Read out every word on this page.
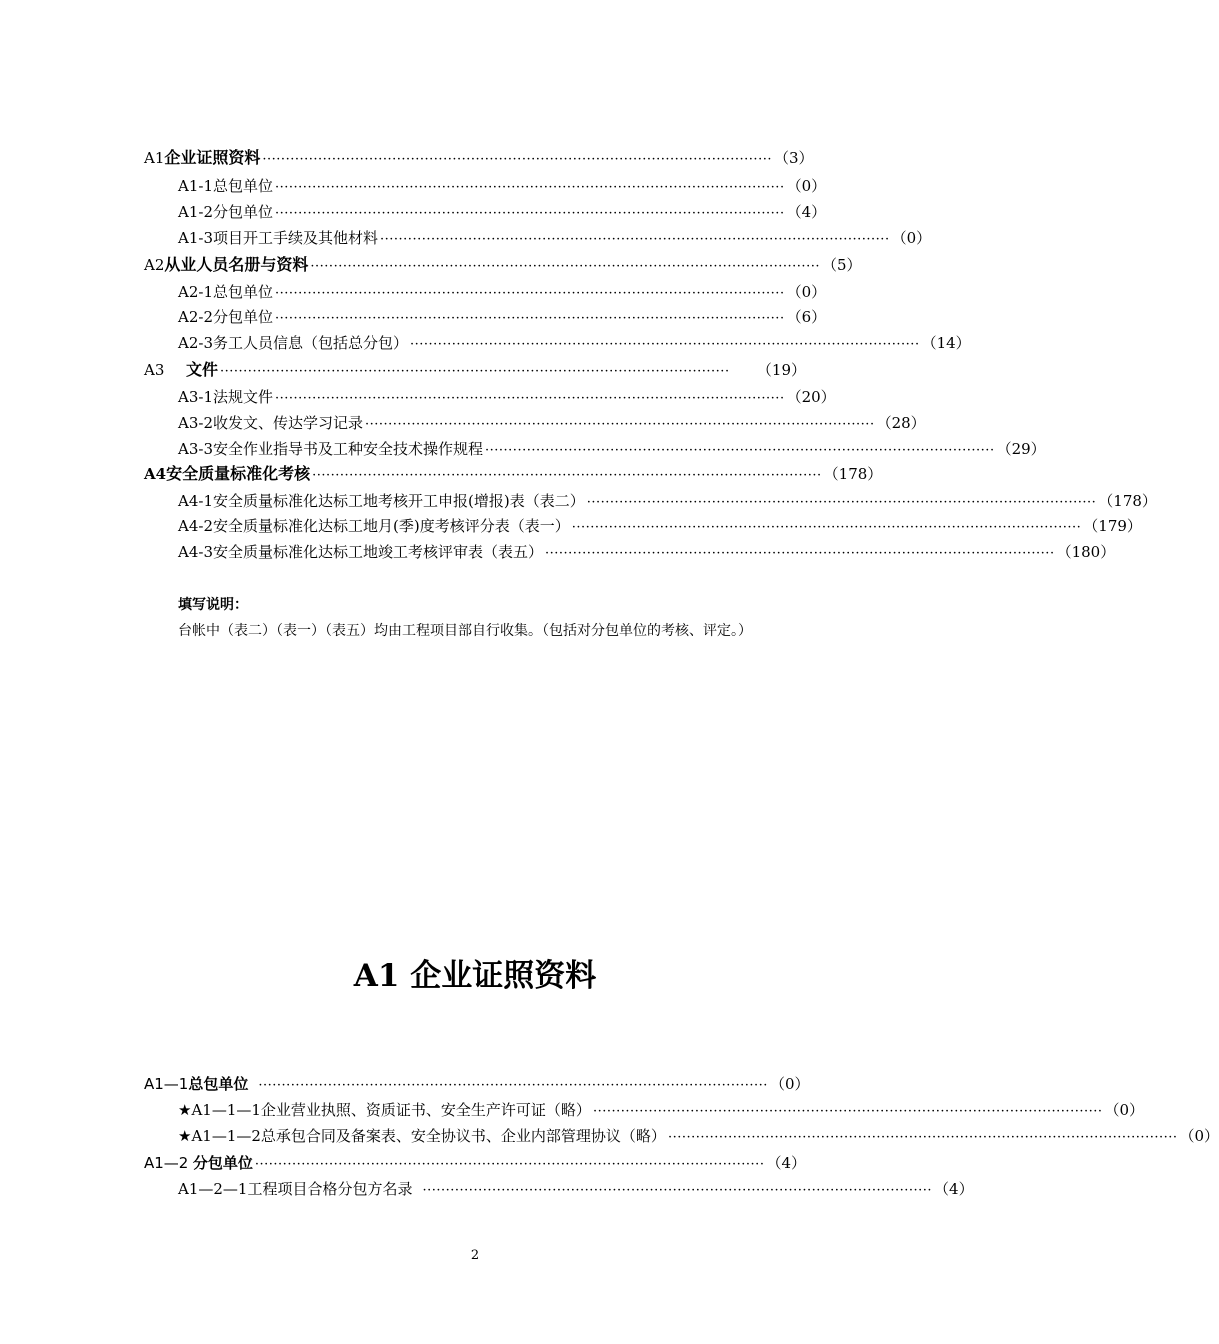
A1 企业证照资料 ·············································································································· （3）
A1-1 总包单位 ·············································································································· （0）
A1-2 分包单位 ·············································································································· （4）
A1-3 项目开工手续及其他材料 ·············································································································· （0）
A2 从业人员名册与资料 ·············································································································· （5）
A2-1 总包单位 ·············································································································· （0）
A2-2 分包单位 ·············································································································· （6）
A2-3 务工人员信息（包括总分包） ·············································································································· （14）
A3	文件 ··············································································································	（19）
A3-1 法规文件 ·············································································································· （20）
A3-2 收发文、传达学习记录 ·············································································································· （28）
A3-3 安全作业指导书及工种安全技术操作规程 ·············································································································· （29）
A4 安全质量标准化考核 ·············································································································· （178）
A4-1 安全质量标准化达标工地考核开工申报(增报)表（表二） ·············································································································· （178）
A4-2 安全质量标准化达标工地月(季)度考核评分表（表一） ·············································································································· （179）
A4-3 安全质量标准化达标工地竣工考核评审表（表五） ·············································································································· （180）
填写说明：
台帐中（表二）（表一）（表五）均由工程项目部自行收集。（包括对分包单位的考核、评定。）
A1 企业证照资料
A1—1 总包单位 ·············································································································· （0）
★A1—1—1 企业营业执照、资质证书、安全生产许可证（略） ·············································································································· （0）
★A1—1—2 总承包合同及备案表、安全协议书、企业内部管理协议（略） ·············································································································· （0）
A1—2 分包单位 ·············································································································· （4）
A1—2—1 工程项目合格分包方名录 ·············································································································· （4）
2
